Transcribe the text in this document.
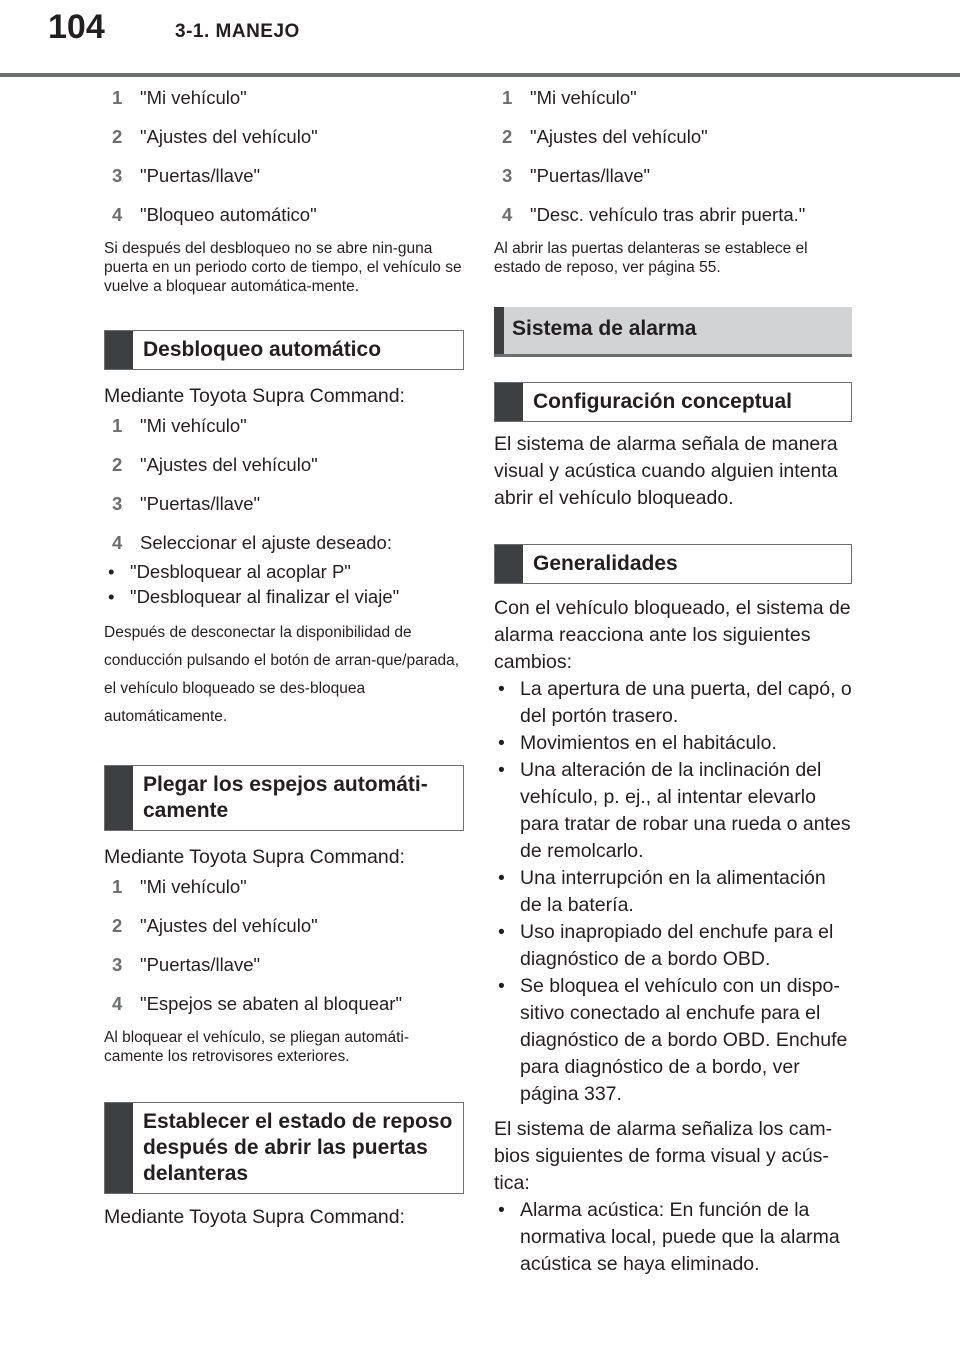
104	3-1. MANEJO
1 "Mi vehículo"
2 "Ajustes del vehículo"
3 "Puertas/llave"
4 "Bloqueo automático"

Si después del desbloqueo no se abre nin-guna puerta en un periodo corto de tiempo, el vehículo se vuelve a bloquear automática-mente.

Desbloqueo automático

Mediante Toyota Supra Command:

1 "Mi vehículo"
2 "Ajustes del vehículo"
3 "Puertas/llave"
4 Seleccionar el ajuste deseado:
• "Desbloquear al acoplar P"
• "Desbloquear al finalizar el viaje"

Después de desconectar la disponibilidad de conducción pulsando el botón de arran-que/parada, el vehículo bloqueado se des-bloquea automáticamente.

Plegar los espejos automáti-camente

Mediante Toyota Supra Command:

1 "Mi vehículo"
2 "Ajustes del vehículo"
3 "Puertas/llave"
4 "Espejos se abaten al bloquear"

Al bloquear el vehículo, se pliegan automáti-camente los retrovisores exteriores.

Establecer el estado de reposo después de abrir las puertas delanteras

Mediante Toyota Supra Command:

1 "Mi vehículo"
2 "Ajustes del vehículo"
3 "Puertas/llave"
4 "Desc. vehículo tras abrir puerta."

Al abrir las puertas delanteras se establece el estado de reposo, ver página 55.

Sistema de alarma
Configuración conceptual

El sistema de alarma señala de manera visual y acústica cuando alguien intenta abrir el vehículo bloqueado.

Generalidades

Con el vehículo bloqueado, el sistema de alarma reacciona ante los siguientes cambios:

• La apertura de una puerta, del capó, o del portón trasero.
• Movimientos en el habitáculo.
• Una alteración de la inclinación del vehículo, p. ej., al intentar elevarlo para tratar de robar una rueda o antes de remolcarlo.
• Una interrupción en la alimentación de la batería.
• Uso inapropiado del enchufe para el diagnóstico de a bordo OBD.
• Se bloquea el vehículo con un dispo-sitivo conectado al enchufe para el diagnóstico de a bordo OBD. Enchufe para diagnóstico de a bordo, ver página 337.

El sistema de alarma señaliza los cam-bios siguientes de forma visual y acús-tica:

• Alarma acústica: En función de la normativa local, puede que la alarma acústica se haya eliminado.
